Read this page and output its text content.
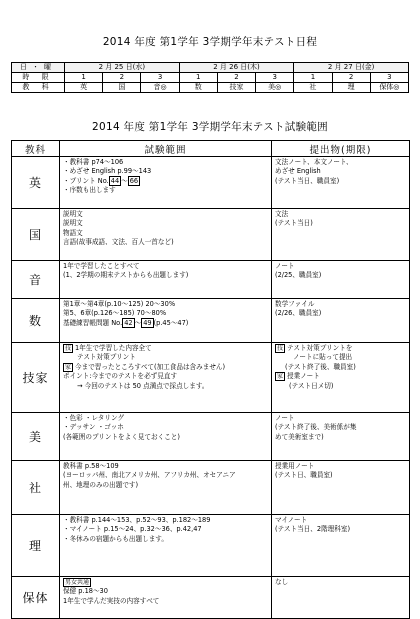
2014 年度 第1学年 3学期学年末テスト日程
日・曜	2 月 25 日(水)			2 月 26 日(木)			2 月 27 日(金)		
時 限	1	2	3	1	2	3	1	2	3
教 科	英	国	音◎	数	技家	美◎	社	理	保体◎
2014 年度 第1学年 3学期学年末テスト試験範囲
教科	試験範囲	提出物(期限)
英	・教科書 p74〜106
・めざせ English p.99〜143
・プリント No. 44 〜 66
・序数も出します	文法ノート、本文ノート、
めざせ English
(テスト当日、職員室)

国	説明文
説明文
物語文
言語(故事成語、文法、百人一首など)	文法
(テスト当日)

音	1年で学習したことすべて
(1、2学期の期末テストからも出題します)	ノート
(2/25、職員室)

数	第1章〜第4章(p.10〜125) 20〜30%
第5、6章(p.126〜185) 70〜80%
基礎練習帳問題 No. 42 〜 49 (p.45〜47)	数学ファイル
(2/26、職員室)

技家	技 1年生で学習した内容全て
テスト対策プリント
家 今まで習ったところすべて(加工食品は含みません)
ポイント:今までのテストを必ず見直す
→ 今回のテストは 50 点満点で採点します。	技 テスト対策プリントを
ノートに貼って提出
(テスト終了後、職員室)
家 授業ノート
(テスト日メ切)

美	・色彩 ・レタリング
・デッサン ・ゴッホ
(各範囲のプリントをよく見ておくこと)	ノート
(テスト終了後、美術係が集
めて美術室まで)

社	教科書 p.58〜109
(ヨーロッパ州、南北アメリカ州、アフリカ州、オセアニア
州、地理のみの出題です)	授業用ノート
(テスト日、職員室)

理	・教科書 p.144〜153、p.52〜93、p.182〜189
・マイノート p.15〜24、p.32〜36、p.42,47
・冬休みの宿題からも出題します。	マイノート
(テスト当日、2階理科室)

保体	男女共通
保健 p.18〜30
1年生で学んだ実技の内容すべて	なし
